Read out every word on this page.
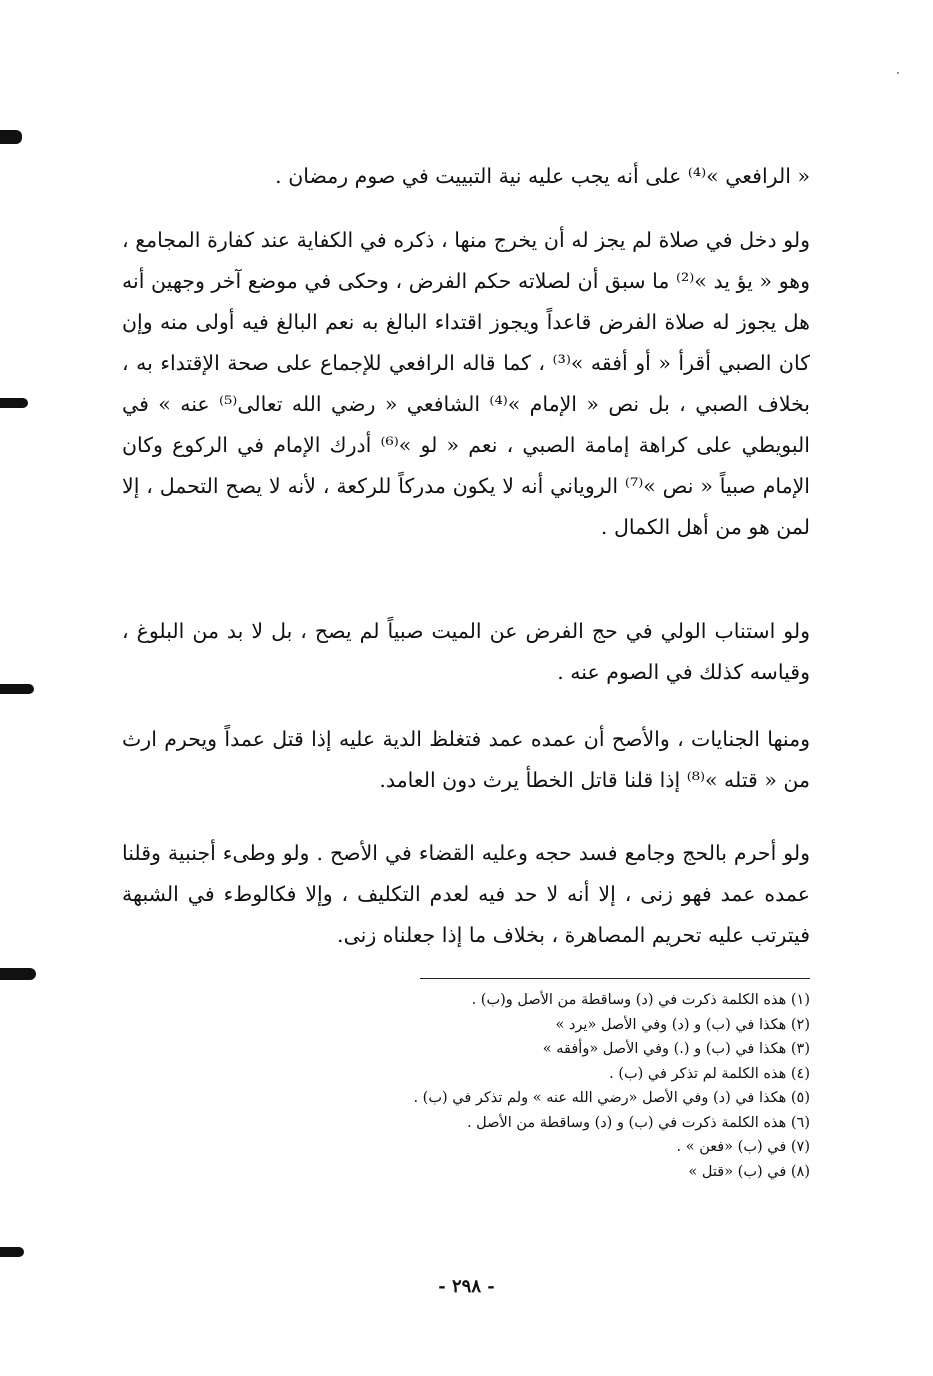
« الرافعي »⁽⁴⁾ على أنه يجب عليه نية التبييت في صوم رمضان .

ولو دخل في صلاة لم يجز له أن يخرج منها ، ذكره في الكفاية عند كفارة المجامع ، وهو « يؤ يد »⁽²⁾ ما سبق أن لصلاته حكم الفرض ، وحكى في موضع آخر وجهين أنه هل يجوز له صلاة الفرض قاعداً ويجوز اقتداء البالغ به نعم البالغ فيه أولى منه وإن كان الصبي أقرأ « أو أفقه »⁽³⁾ ، كما قاله الرافعي للإجماع على صحة الإقتداء به ، بخلاف الصبي ، بل نص « الإمام »⁽⁴⁾ الشافعي « رضي الله تعالى⁽⁵⁾ عنه » في البويطي على كراهة إمامة الصبي ، نعم « لو »⁽⁶⁾ أدرك الإمام في الركوع وكان الإمام صبياً « نص »⁽⁷⁾ الروياني أنه لا يكون مدركاً للركعة ، لأنه لا يصح التحمل ، إلا لمن هو من أهل الكمال .

ولو استناب الولي في حج الفرض عن الميت صبياً لم يصح ، بل لا بد من البلوغ ، وقياسه كذلك في الصوم عنه .

ومنها الجنايات ، والأصح أن عمده عمد فتغلظ الدية عليه إذا قتل عمداً ويحرم ارث من « قتله »⁽⁸⁾ إذا قلنا قاتل الخطأ يرث دون العامد.

ولو أحرم بالحج وجامع فسد حجه وعليه القضاء في الأصح . ولو وطىء أجنبية وقلنا عمده عمد فهو زنى ، إلا أنه لا حد فيه لعدم التكليف ، وإلا فكالوطء في الشبهة فيترتب عليه تحريم المصاهرة ، بخلاف ما إذا جعلناه زنى.

(١) هذه الكلمة ذكرت في (د) وساقطة من الأصل و(ب) .
(٢) هكذا في (ب) و (د) وفي الأصل «يرد »
(٣) هكذا في (ب) و (.) وفي الأصل «وأفقه »
(٤) هذه الكلمة لم تذكر في (ب) .
(٥) هكذا في (د) وفي الأصل «رضي الله عنه » ولم تذكر في (ب) .
(٦) هذه الكلمة ذكرت في (ب) و (د) وساقطة من الأصل .
(٧) في (ب) «فعن » .
(٨) في (ب) «قتل »
- ٢٩٨ -
